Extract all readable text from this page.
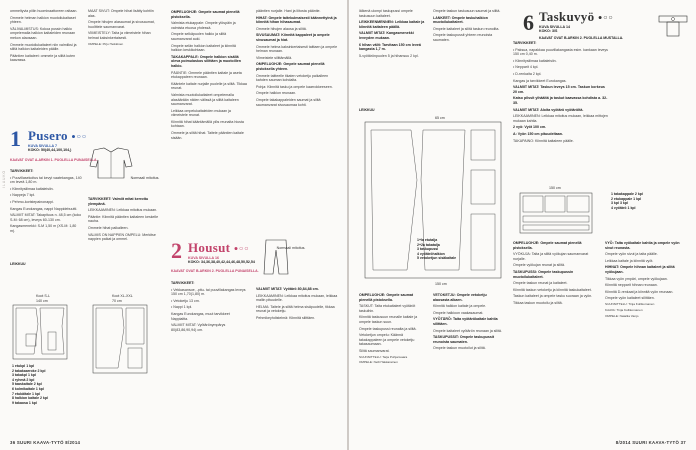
ILAUKO

ommeltyvia piilin huominaattoreen raitaan.

Ommele helman halkion muotoilukaitaset yhteen.

VÄLIVALMISTUS: Kokoa pussin halkio ompelemalla halkion kaitaleiden reunaan mekon alaosaan.

Ommele muotoilukaitaleet niin valmiiksi ja silitä halkion kaitaleiden päälle.

Pääntien kaitaleet: ommele ja silitä kuten kaavassa.

1 Pusero ●○○
KUVA SIVULLA 7
KOKO: 50(40,44,100,104,)
KAAVAT OVAT A-ARKIN 1. PUOLELLA PUNAISELLA.
Normaali mitoitus.

TARVIKKEET:

• Puuvillasekoitus tai kevyt vaatekangas, 140 cm leveä 1,80 m.

• Kiinnitysliimaa kaitaleisiin.

• Nappeja 7 kpl.

• Pehmo-koristepainonappi.

Kangas Eurokangas, nappi Nappidebuutti.

VALMIIT MITAT: Takapituus n. 48,5 cm (koko S-M: 68 cm), leveys 60-130 cm.

Kangasmenekki: S-M 1,50 m (XS-M: 1,80 m).

LEIKKUU
Koot S-L
140 cm
Koot XL-XXL
70 cm
1 etukpl 1 kpl
2 takakaarroke 2 kpl
3 takakpl 1 kpl
4 ryhmä 2 kpl
5 taaskaitale 2 kpl
6 kolmikaitale 1 kpl
7 etukäitale 1 kpl
8 halkion kaitale 2 kpl
9 takaosa 1 kpl

MAAT SIVUT: Ompele hihat lisätty kohtiin alas.

Ompele hihojen alasaumat ja sivusaumat, huolittele saumanvarat.

VIIMEISTELY: Taita ja viimeistele hihan helmat kaksinkertaisesti.

OMPELE: Pirjo Heikkinen

TARVIKKEET: Valmiit mitat kerrottu ylempänä.

LEIKKAAMINEN: Leikkaa mitoitus mukaan.

Pääntie: Kiinnitä pääntien kaitaleen keskelle nauha.

Ommele hihat paikalleen.

VALMIS ON NAPPIEN OMPELU: Merkitse nappien paikat ja ommel.

OMPELUOHJE: Ompele saumat pienellä pistoksella.

Valmista etukappale: Ompele ylöspäin ja valmista etuosa yhdessä.

Ompele selkäpuolen halkio ja silitä saumanvarat auki.

Ompele selän halkion kaitaleet ja kiinnitä halkion keskikohtaan.

TAKAKAPPALE: Ompele halkion sisällä oleva poimulaskos silittäen ja muotoillen halkio.

PÄÄNTIE: Ommele pääntien kaitale ja aseta etukappaleen reunaan.

Kääntele kaitale nurjalle puolelle ja silitä. Tikkaa reunat.

Valmista muotoilukaitaleet ompelemalla alasäärään niiden välissä ja silitä kaitaleen saumanvarat.

Leikkaa ompelukaitaleiden mukaan ja viimeistele reunat.

Kiinnitä hihat kääntämällä ylös reunalta hiusta kohtaan.

Ommele ja silitä hihat. Taitele pääntien kaitale sisään.

2 Housut ●○○
KUVA SIVULLA 16
KOKO: 34,36,38,40,42,44,46,48,50,52,54
KAAVAT OVAT B-ARKIN 2. PUOLELLA PUNAISELLA.
Normaali mitoitus.

TARVIKKEET:

• Vekkasansoe, -pitu- tai puuvillakangas leveys 150 cm 1,70(1,80) m.

• Vetoketju 13 cm.

• Nappi 1 kpl.

Kangas Eurokangas, muut tarvikkeet Nappiaitta.

VALMIIT MITAT: Vyötärönympärys 80(83,86,90,94) cm.

pääntien nurjalle. Hani ja liitosta pääntie.

HIHAT: Ompele taitekulmaisesti käännettyinä ja kiinnitä hihan hihasaumat.

Ommele hihojen alaosa ja silitä.

SIVUSAUMAT: Kiinnitä kappaleet ja ompele sivusaumat ja hiat.

Ommele helma kaksinkertaisesti taittaen ja ompele helman reunaan.

Viimeistele silittämällä.

OMPELUOHJE: Ompele saumat pienellä pistoksella yhteen.

Ommele taitteelle tikaten vetoketju paikalleen kahden sauman kohdalta.

Pohja: Kiinnitä tasku ja ompele kaarrokkeeseen.

Ompele halkion reunaan.

Ompele takakappaleiden saumat ja silitä saumanvarat sivusaumaa kohti.

VALMIIT MITAT: Vyötärö 80,84,88 cm.

LEIKKAAMINEN: Leikkaa mitoitus mukaan, leikkaa mallin pituudelle.

HELMA: Taitele ja silitä helma sisäpuolelle, tikkaa reunat ja vetoketju.

Pehmikeyhdistelmä: Kiinnitä silittäen.

36 SUURI KAAVA-TYTÖ 8/2014

lälkenä ulompi taskupussi ompele taskusuun kaitaleet.

LEIKKEENMENNEN: Leikkaa kaitale ja kiinnitä kaitaleen päällä.

VALMIIT MITAT: Kangasmenekki leveyden mukaan.

6 hihan välit: Tarvitaan 150 cm leveä kangasta 1,7 m.

5-vyötärönpuolen 5 ja hihansuu 2 kpl.

Ompele taskun taskusuun saumat ja silitä.

LANKEET: Ompele taskuhalkion muotoilukaitaleet.

Ompele kaitaleet ja silitä taskun reunoilta.

Ompele taskupussit yhteen reunoista saumaten.

LEIKKUU
65 cm
1+la etutalja
2+2a takatalja
3 taskupussi
4 vyötäröhalkion
5 vetoketjun sisäkaitale
150 cm

OMPELUOHJE: Ompele saumat pienellä pistoksella.

TASKUT: Taita etukaitaleet vyötäröt taskuihin.

Kiinnitä taskusuun reunalle kaitale ja ompele taskun suun.

Ompele taskupussi reunalta ja silitä.

Vetoketjun ompelu: Käännä takakappaleen ja ompele vetoketju takasaumaan.

Silitä saumanvarat.

SUUNNITTELU: Tarja Pohjanvaara

OMPELE: Nelli Hakkarainen

VETOKETJU: Ompele vetoketju alaosasta alkaen.

Kiinnitä halkion kaitale ja ompele.

Ompele halkioon vaakasaumat.

VYÖTÄRÖ: Taita vyötärökaitale kahtia silittäen.

Ompele kaitaleet vyötärön reunaan ja silitä.

TASKUPUSSIT: Ompele taskupussit reunoista saumaten.

Ompele taskun muotoilut ja silitä.

Taskuvyö ●○○
KUVA SIVULLA 14
KOKO: 3/S
KAAVAT OVAT B-ARKIN 2. PUOLELLA MUSTALLA.
6

TARVIKKEET:

• Paksua, napakkaa puuvillakangasta esim. kankaan leveys 150 cm 0,40 m.

• Kiinnitysliimaa kaitaleisiin.

• Nepparit 4 kpl.

• D-renkaita 2 kpl.

Kangas ja tarvikkeet Eurokangas.

VALMIIT MITAT: Taskun leveys 15 cm. Taskun korkeus 20 cm.

Katso pilssit ylhäältä ja taskut kaavassa kohdista a. 32-35.

VALMIIT MITAT: Aloita vyötärö vyötäröltä.

LEIKKAAMINEN: Leikkaa mitoitus mukaan, leikkaa mittojen mukaan kahtia.

2 vyö: Vyöt 100 cm.

A: Vyön 150 cm pituudeltaan.

TAKAPAINO: Kiinnitä kaitaleen päälle.

150 cm
1 takakappale 2 kpl
2 etukappale 1 kpl
3 kpl 3 kpl
4 vyötärö 1 kpl

OMPELUOHJE: Ompele saumat pienellä pistoksella.

VYÖKUJA: Taita ja silitä vyökujan saumanvarat nurjalle.

Ompele vyökujan reunat ja silitä.

TASKUPUSSI: Ompele taskupussin muotoilukaitaleet.

Ompele taskun reunat ja kaitaleet.

Kiinnitä taskun vetoketju ja kiinnitä taskukaitaleet.

Taskun kaitaleet ja ompele tasku suoraan ja vyön.

Tikkaa taskun muotoilu ja silitä.

VYÖ: Taita vyökaitale kahtia ja ompele vyön sivut reunasta.

Ompele vyön sivut ja taita päälle.

Leikkaa kaitale ja kiinnitä vyöt.

HIHNAT: Ompele hihnan kaitaleet ja silitä vyökujaan.

Tikkaa vyön ympäri, ompele vyökujaan.

Kiinnitä nepparit hihnan reunaan.

Kiinnitä D-renkaat ja kiinnitä vyön reunaan.

Ompele vyön kaitaleet silittäen.

SUUNNITTELU: Tinja Kollikomanen

KAAVA: Tinja Kollikomanen

OMPELE: Nataliia Vanjo

8/2014 SUURI KAAVA-TYTÖ 37
